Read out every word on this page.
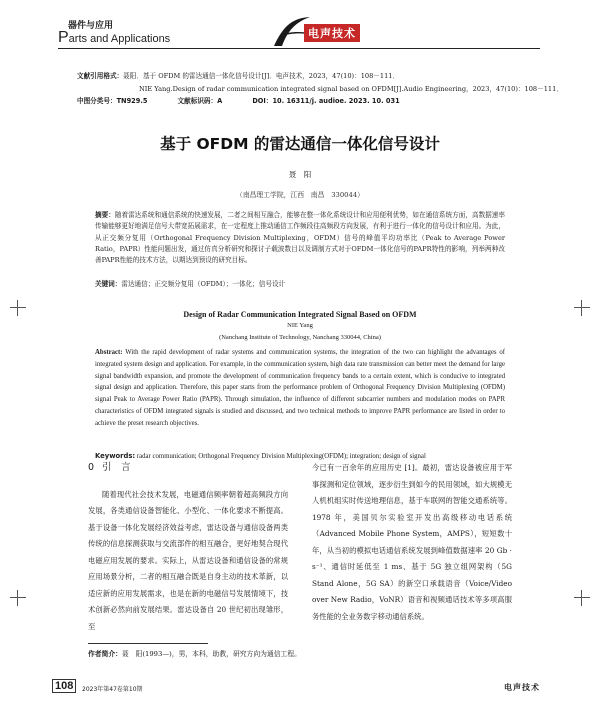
器件与应用
Parts and Applications	电声技术
文献引用格式：聂阳．基于 OFDM 的雷达通信一体化信号设计[J]．电声技术，2023，47(10)：108－111．
NIE Yang.Design of radar communication integrated signal based on OFDM[J].Audio Engineering，2023，47(10)：108－111．
中图分类号：TN929.5	文献标识码：A	DOI：10. 16311/j. audioe. 2023. 10. 031
基于 OFDM 的雷达通信一体化信号设计
聂　阳
（南昌理工学院，江西　南昌　330044）
摘要：随着雷达系统和通信系统的快速发展，二者之间相互融合，能够在整一体化系统设计和应用便利优势，如在通信系统方面，高数据速率传输能够更好地满足信号大带宽拓展需求，在一定程度上推动通信工作频段往高频段方向发展，有利于进行一体化的信号设计和应用。为此，从正交频分复用（Orthogonal Frequency Division Multiplexing，OFDM）信号的峰值平均功率比（Peak to Average Power Ratio，PAPR）性能问题出发，通过仿真分析研究和探讨子载波数目以及调制方式对于OFDM一体化信号的PAPR特性的影响，列举两种改善PAPR性能的技术方法，以期达到预设的研究目标。
关键词：雷达通信；正交频分复用（OFDM）；一体化；信号设计
Design of Radar Communication Integrated Signal Based on OFDM
NIE Yang
(Nanchang Institute of Technology, Nanchang 330044, China)
Abstract: With the rapid development of radar systems and communication systems, the integration of the two can highlight the advantages of integrated system design and application. For example, in the communication system, high data rate transmission can better meet the demand for large signal bandwidth expansion, and promote the development of communication frequency bands to a certain extent, which is conducive to integrated signal design and application. Therefore, this paper starts from the performance problem of Orthogonal Frequency Division Multiplexing (OFDM) signal Peak to Average Power Ratio (PAPR). Through simulation, the influence of different subcarrier numbers and modulation modes on PAPR characteristics of OFDM integrated signals is studied and discussed, and two technical methods to improve PAPR performance are listed in order to achieve the preset research objectives.
Keywords: radar communication; Orthogonal Frequency Division Multiplexing(OFDM); integration; design of signal
0 引　言

随着现代社会技术发展，电磁通信频率朝着超高频段方向发展，各类通信设备智能化、小型化、一体化要求不断提高。基于设备一体化发展经济效益考虑，雷达设备与通信设备两类传统的信息探测获取与交流部件的相互融合，更好地契合现代电磁应用发展的要求。实际上，从雷达设备和通信设备的常规应用场景分析，二者的相互融合既是自身主动的技术革新，以适应新的应用发展需求，也是在新的电磁信号发展情境下，技术创新必然向前发展结果。雷达设备自 20 世纪初出现雏形，至

今已有一百余年的应用历史 [1]。最初，雷达设备被应用于军事探测和定位领域，逐步衍生到如今的民用领域，如大规模无人机机组实时传送地理信息，基于车联网的智能交通系统等。1978 年，美国贝尔实验室开发出高级移动电话系统（Advanced Mobile Phone System，AMPS），短短数十年，从当初的模拟电话通信系统发展到峰值数据速率 20 Gb · s⁻¹、通信时延低至 1 ms、基于 5G 独立组网架构（5G Stand Alone，5G SA）的新空口承载语音（Voice/Video over New Radio，VoNR）语音和视频通话技术等多项高服务性能的全业务数字移动通信系统。

作者简介：聂　阳(1993—)，男，本科，助教，研究方向为通信工程。
108	2023年第47卷第10期	电声技术
